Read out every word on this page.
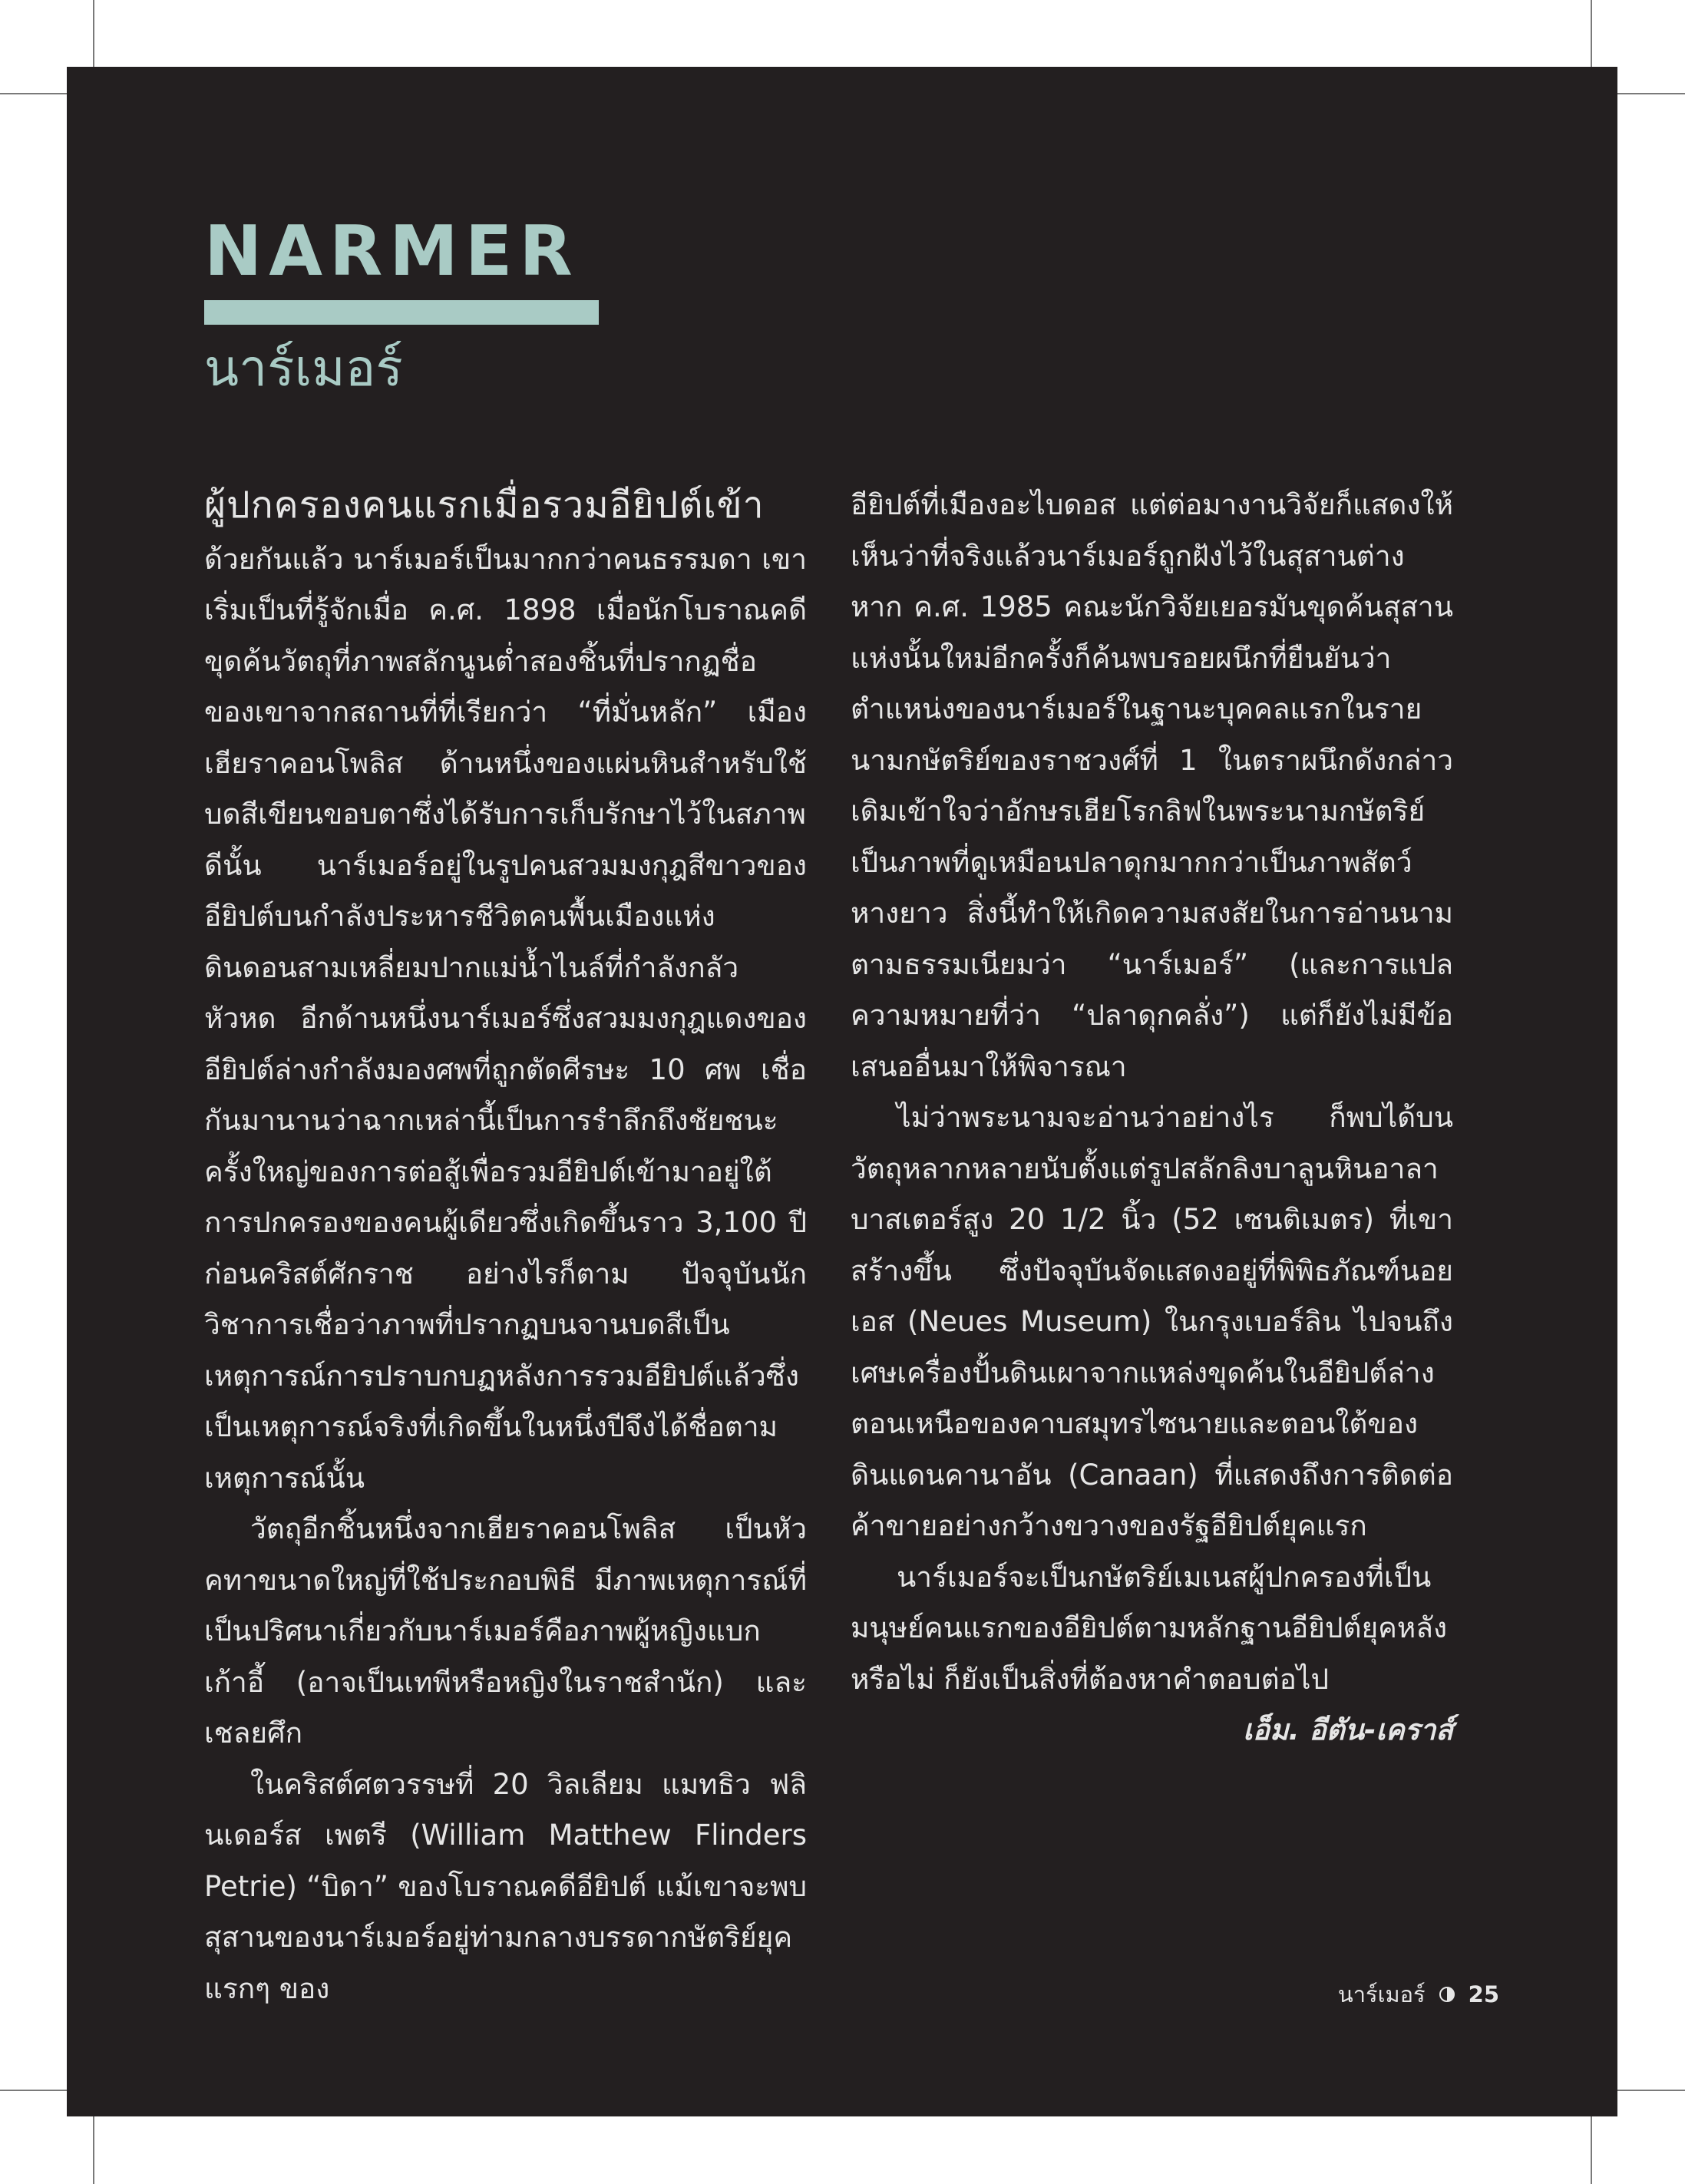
NARMER
นาร์เมอร์

ผู้ปกครองคนแรกเมื่อรวมอียิปต์เข้า
ด้วยกันแล้ว นาร์เมอร์เป็นมากกว่าคนธรรมดา เขาเริ่มเป็นที่รู้จักเมื่อ ค.ศ. 1898 เมื่อนักโบราณคดีขุดค้นวัตถุที่ภาพสลักนูนต่ำสองชิ้นที่ปรากฏชื่อของเขาจากสถานที่ที่เรียกว่า “ที่มั่นหลัก” เมืองเฮียราคอนโพลิส ด้านหนึ่งของแผ่นหินสำหรับใช้บดสีเขียนขอบตาซึ่งได้รับการเก็บรักษาไว้ในสภาพดีนั้น นาร์เมอร์อยู่ในรูปคนสวมมงกุฎสีขาวของอียิปต์บนกำลังประหารชีวิตคนพื้นเมืองแห่งดินดอนสามเหลี่ยมปากแม่น้ำไนล์ที่กำลังกลัวหัวหด อีกด้านหนึ่งนาร์เมอร์ซึ่งสวมมงกุฎแดงของอียิปต์ล่างกำลังมองศพที่ถูกตัดศีรษะ 10 ศพ เชื่อกันมานานว่าฉากเหล่านี้เป็นการรำลึกถึงชัยชนะครั้งใหญ่ของการต่อสู้เพื่อรวมอียิปต์เข้ามาอยู่ใต้การปกครองของคนผู้เดียวซึ่งเกิดขึ้นราว 3,100 ปีก่อนคริสต์ศักราช อย่างไรก็ตาม ปัจจุบันนักวิชาการเชื่อว่าภาพที่ปรากฏบนจานบดสีเป็นเหตุการณ์การปราบกบฏหลังการรวมอียิปต์แล้วซึ่งเป็นเหตุการณ์จริงที่เกิดขึ้นในหนึ่งปีจึงได้ชื่อตามเหตุการณ์นั้น

วัตถุอีกชิ้นหนึ่งจากเฮียราคอนโพลิส เป็นหัวคทาขนาดใหญ่ที่ใช้ประกอบพิธี มีภาพเหตุการณ์ที่เป็นปริศนาเกี่ยวกับนาร์เมอร์คือภาพผู้หญิงแบกเก้าอี้ (อาจเป็นเทพีหรือหญิงในราชสำนัก) และเชลยศึก

ในคริสต์ศตวรรษที่ 20 วิลเลียม แมทธิว ฟลินเดอร์ส เพตรี (William Matthew Flinders Petrie) “บิดา” ของโบราณคดีอียิปต์ แม้เขาจะพบสุสานของนาร์เมอร์อยู่ท่ามกลางบรรดากษัตริย์ยุคแรกๆ ของ

อียิปต์ที่เมืองอะไบดอส แต่ต่อมางานวิจัยก็แสดงให้เห็นว่าที่จริงแล้วนาร์เมอร์ถูกฝังไว้ในสุสานต่างหาก ค.ศ. 1985 คณะนักวิจัยเยอรมันขุดค้นสุสานแห่งนั้นใหม่อีกครั้งก็ค้นพบรอยผนึกที่ยืนยันว่าตำแหน่งของนาร์เมอร์ในฐานะบุคคลแรกในรายนามกษัตริย์ของราชวงศ์ที่ 1 ในตราผนึกดังกล่าว เดิมเข้าใจว่าอักษรเฮียโรกลิฟในพระนามกษัตริย์เป็นภาพที่ดูเหมือนปลาดุกมากกว่าเป็นภาพสัตว์หางยาว สิ่งนี้ทำให้เกิดความสงสัยในการอ่านนามตามธรรมเนียมว่า “นาร์เมอร์” (และการแปลความหมายที่ว่า “ปลาดุกคลั่ง”) แต่ก็ยังไม่มีข้อเสนออื่นมาให้พิจารณา

ไม่ว่าพระนามจะอ่านว่าอย่างไร ก็พบได้บนวัตถุหลากหลายนับตั้งแต่รูปสลักลิงบาลูนหินอาลาบาสเตอร์สูง 20 1/2 นิ้ว (52 เซนติเมตร) ที่เขาสร้างขึ้น ซึ่งปัจจุบันจัดแสดงอยู่ที่พิพิธภัณฑ์นอยเอส (Neues Museum) ในกรุงเบอร์ลิน ไปจนถึงเศษเครื่องปั้นดินเผาจากแหล่งขุดค้นในอียิปต์ล่าง ตอนเหนือของคาบสมุทรไซนายและตอนใต้ของดินแดนคานาอัน (Canaan) ที่แสดงถึงการติดต่อค้าขายอย่างกว้างขวางของรัฐอียิปต์ยุคแรก

นาร์เมอร์จะเป็นกษัตริย์เมเนสผู้ปกครองที่เป็นมนุษย์คนแรกของอียิปต์ตามหลักฐานอียิปต์ยุคหลังหรือไม่ ก็ยังเป็นสิ่งที่ต้องหาคำตอบต่อไป

เอ็ม. อีตัน-เคราส์

นาร์เมอร์ 25
